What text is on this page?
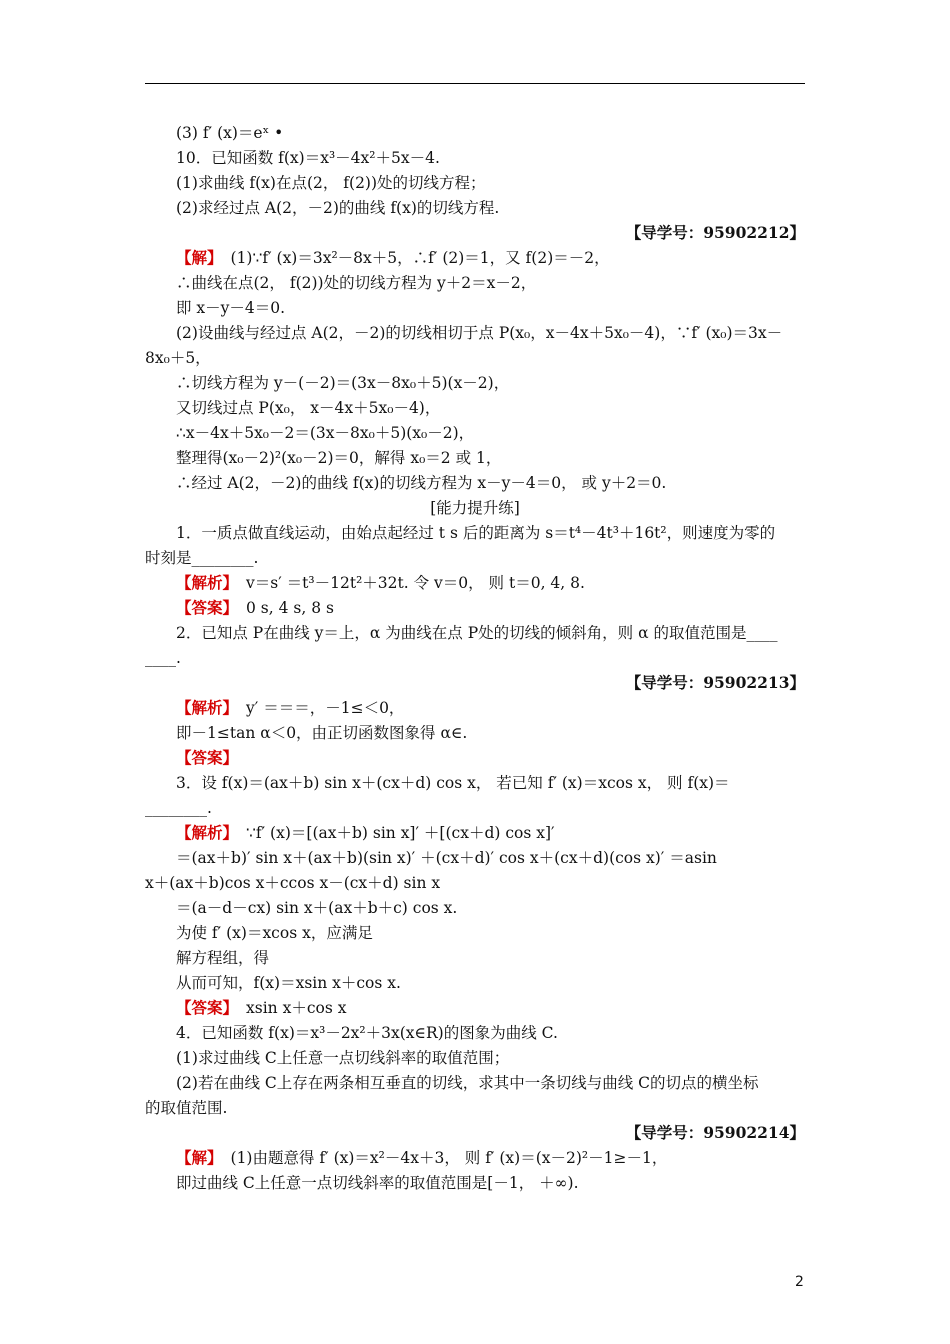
(3) f′ (x)＝eˣ •
10．已知函数 f(x)＝x³－4x²＋5x－4.
(1)求曲线 f(x)在点(2， f(2))处的切线方程；
(2)求经过点 A(2，－2)的曲线 f(x)的切线方程.
【导学号：95902212】
【解】 (1)∵f′ (x)＝3x²－8x＋5，∴f′ (2)＝1，又 f(2)＝－2，
∴曲线在点(2， f(2))处的切线方程为 y＋2＝x－2，
即 x－y－4＝0.
(2)设曲线与经过点 A(2，－2)的切线相切于点 P(x₀，x－4x＋5x₀－4)，∵f′ (x₀)＝3x－
8x₀＋5，
∴切线方程为 y－(－2)＝(3x－8x₀＋5)(x－2)，
又切线过点 P(x₀， x－4x＋5x₀－4)，
∴x－4x＋5x₀－2＝(3x－8x₀＋5)(x₀－2)，
整理得(x₀－2)²(x₀－2)＝0，解得 x₀＝2 或 1，
∴经过 A(2，－2)的曲线 f(x)的切线方程为 x－y－4＝0， 或 y＋2＝0.
[能力提升练]
1．一质点做直线运动，由始点起经过 t s 后的距离为 s＝t⁴－4t³＋16t²，则速度为零的
时刻是________.
【解析】 v＝s′ ＝t³－12t²＋32t. 令 v＝0， 则 t＝0, 4, 8.
【答案】 0 s, 4 s, 8 s
2．已知点 P在曲线 y＝上，α 为曲线在点 P处的切线的倾斜角，则 α 的取值范围是____
____.
【导学号：95902213】
【解析】 y′ ＝＝＝，－1≤＜0，
即－1≤tan α＜0，由正切函数图象得 α∈.
【答案】
3．设 f(x)＝(ax＋b) sin x＋(cx＋d) cos x， 若已知 f′ (x)＝xcos x， 则 f(x)＝
________.
【解析】 ∵f′ (x)＝[(ax＋b) sin x]′ ＋[(cx＋d) cos x]′
＝(ax＋b)′ sin x＋(ax＋b)(sin x)′ ＋(cx＋d)′ cos x＋(cx＋d)(cos x)′ ＝asin
x＋(ax＋b)cos x＋ccos x－(cx＋d) sin x
＝(a－d－cx) sin x＋(ax＋b＋c) cos x.
为使 f′ (x)＝xcos x，应满足
解方程组，得
从而可知，f(x)＝xsin x＋cos x.
【答案】 xsin x＋cos x
4．已知函数 f(x)＝x³－2x²＋3x(x∈R)的图象为曲线 C.
(1)求过曲线 C上任意一点切线斜率的取值范围；
(2)若在曲线 C上存在两条相互垂直的切线，求其中一条切线与曲线 C的切点的横坐标
的取值范围.
【导学号：95902214】
【解】 (1)由题意得 f′ (x)＝x²－4x＋3， 则 f′ (x)＝(x－2)²－1≥－1，
即过曲线 C上任意一点切线斜率的取值范围是[－1， ＋∞).
2
